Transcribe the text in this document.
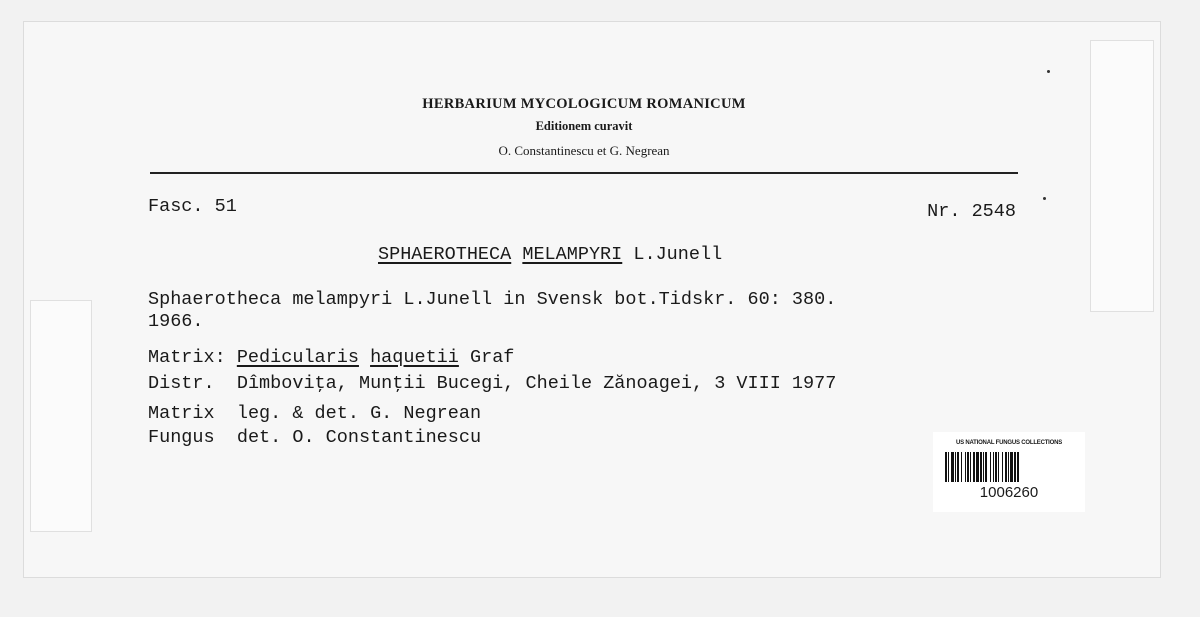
HERBARIUM MYCOLOGICUM ROMANICUM
Editionem curavit
O. Constantinescu et G. Negrean
Fasc. 51	Nr. 2548
SPHAEROTHECA MELAMPYRI L.Junell
Sphaerotheca melampyri L.Junell in Svensk bot.Tidskr. 60: 380.
1966.
Matrix: Pedicularis haquetii Graf
Distr. Dîmboviţa, Munţii Bucegi, Cheile Zănoagei, 3 VIII 1977
Matrix leg. & det. G. Negrean
Fungus det. O. Constantinescu	US NATIONAL FUNGUS COLLECTIONS
1006260
